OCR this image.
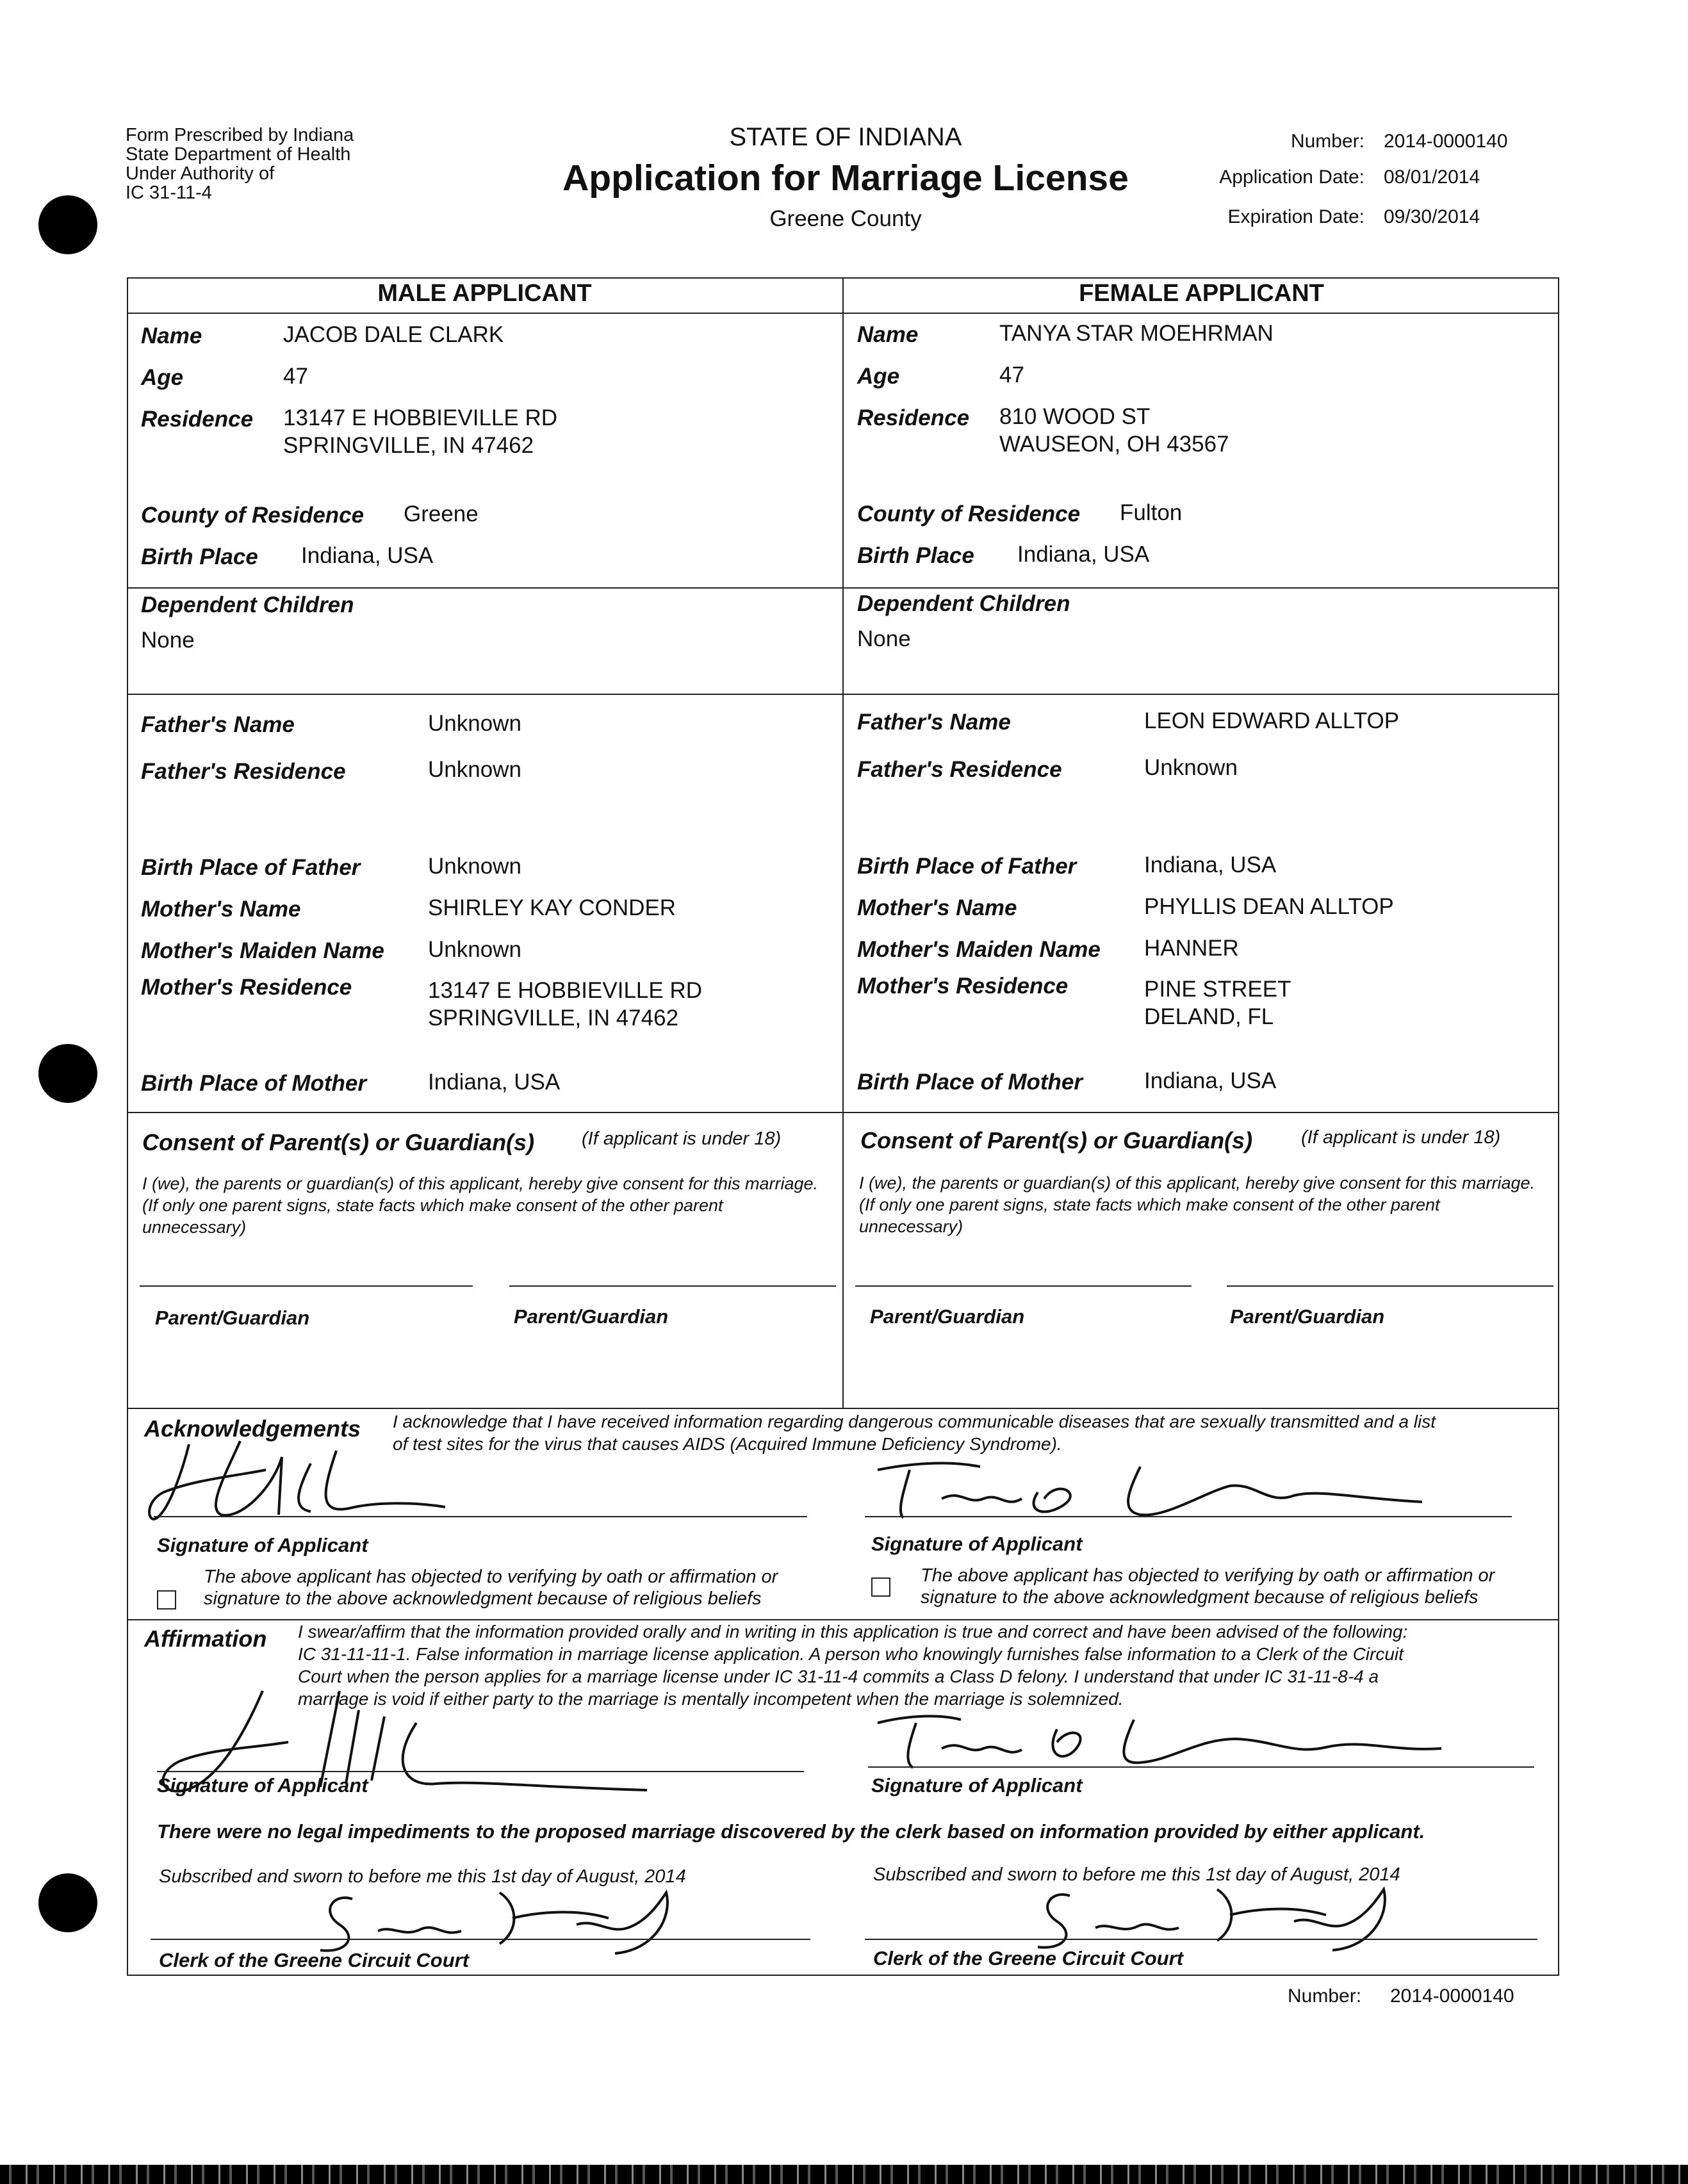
Form Prescribed by Indiana
State Department of Health
Under Authority of
IC 31-11-4
STATE OF INDIANA
Application for Marriage License
Greene County
Number: 2014-0000140
Application Date: 08/01/2014
Expiration Date: 09/30/2014
MALE APPLICANT	FEMALE APPLICANT
Name	JACOB DALE CLARK
Age	47
Residence 13147 E HOBBIEVILLE RD
SPRINGVILLE, IN 47462
County of Residence Greene
Birth Place Indiana, USA
Dependent Children
None
Father's Name	Unknown
Father's Residence	Unknown
Birth Place of Father	Unknown
Mother's Name	SHIRLEY KAY CONDER
Mother's Maiden Name Unknown
Mother's Residence	13147 E HOBBIEVILLE RD
SPRINGVILLE, IN 47462
Birth Place of Mother	Indiana, USA
Name	TANYA STAR MOEHRMAN
Age	47
Residence 810 WOOD ST
WAUSEON, OH 43567
County of Residence Fulton
Birth Place Indiana, USA
Dependent Children
None
Father's Name	LEON EDWARD ALLTOP
Father's Residence	Unknown
Birth Place of Father	Indiana, USA
Mother's Name	PHYLLIS DEAN ALLTOP
Mother's Maiden Name HANNER
Mother's Residence	PINE STREET
DELAND, FL
Birth Place of Mother	Indiana, USA
Consent of Parent(s) or Guardian(s)	(If applicant is under 18)
I (we), the parents or guardian(s) of this applicant, hereby give consent for this marriage. (If only one parent signs, state facts which make consent of the other parent unnecessary)
Parent/Guardian	Parent/Guardian
Consent of Parent(s) or Guardian(s)	(If applicant is under 18)
I (we), the parents or guardian(s) of this applicant, hereby give consent for this marriage. (If only one parent signs, state facts which make consent of the other parent unnecessary)
Parent/Guardian	Parent/Guardian
Acknowledgements I acknowledge that I have received information regarding dangerous communicable diseases that are sexually transmitted and a list
of test sites for the virus that causes AIDS (Acquired Immune Deficiency Syndrome).
Signature of Applicant
The above applicant has objected to verifying by oath or affirmation or signature to the above acknowledgment because of religious beliefs
Signature of Applicant
The above applicant has objected to verifying by oath or affirmation or signature to the above acknowledgment because of religious beliefs
Affirmation I swear/affirm that the information provided orally and in writing in this application is true and correct and have been advised of the following:
IC 31-11-11-1. False information in marriage license application. A person who knowingly furnishes false information to a Clerk of the Circuit
Court when the person applies for a marriage license under IC 31-11-4 commits a Class D felony. I understand that under IC 31-11-8-4 a
marriage is void if either party to the marriage is mentally incompetent when the marriage is solemnized.
Signature of Applicant	Signature of Applicant
There were no legal impediments to the proposed marriage discovered by the clerk based on information provided by either applicant.
Subscribed and sworn to before me this 1st day of August, 2014
Clerk of the Greene Circuit Court
Subscribed and sworn to before me this 1st day of August, 2014
Clerk of the Greene Circuit Court
Number: 2014-0000140
